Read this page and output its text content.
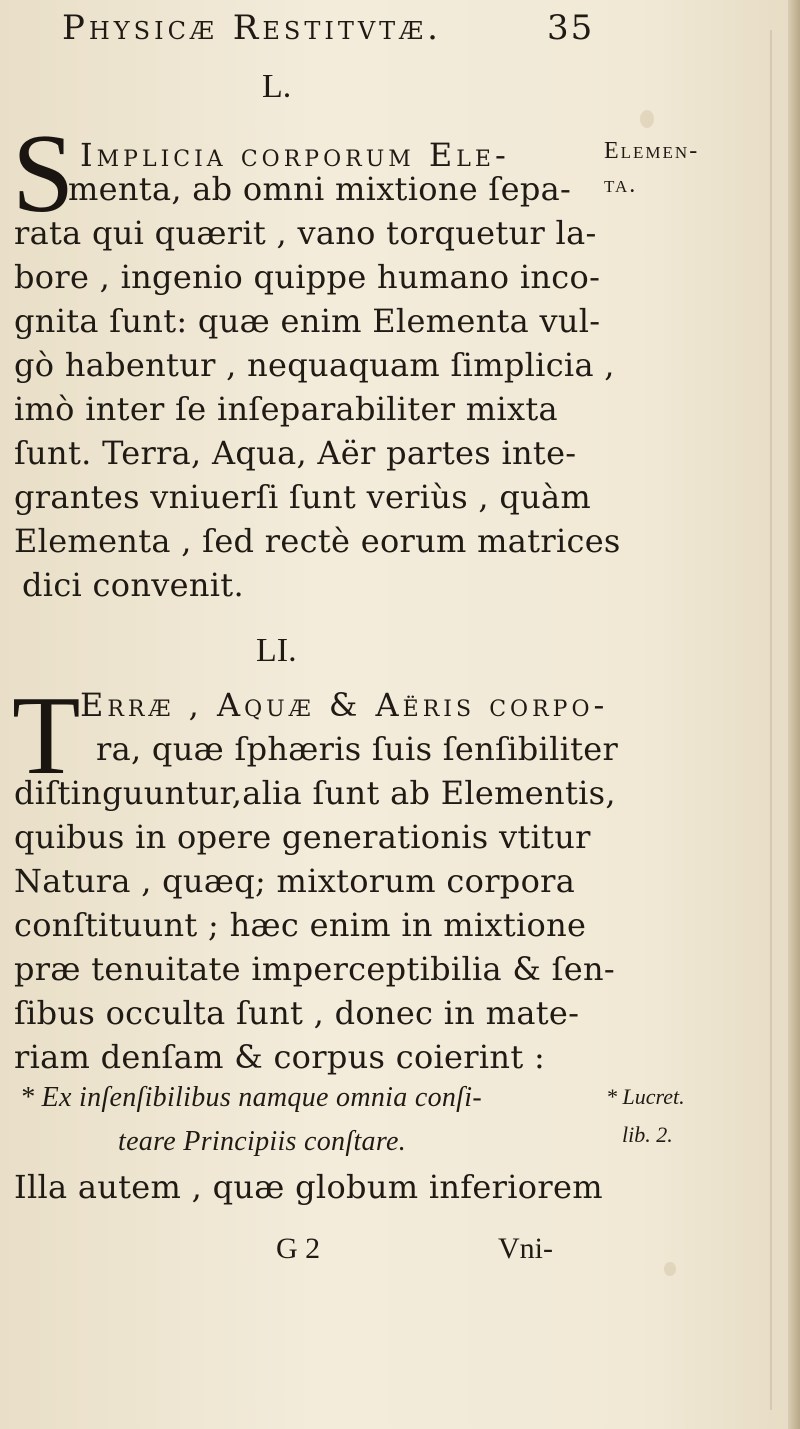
Physicæ Restitvtæ.	35
L.
S Implicia corporum Ele-
menta, ab omni mixtione ſepa-
rata qui quærit , vano torquetur la-
bore , ingenio quippe humano inco-
gnita ſunt: quæ enim Elementa vul-
gò habentur , nequaquam ſimplicia ,
imò inter ſe inſeparabiliter mixta
ſunt. Terra, Aqua, Aër partes inte-
grantes vniuerſi ſunt veriùs , quàm
Elementa , ſed rectè eorum matrices
dici convenit.
Elemen-
ta.
LI.
T Erræ , Aquæ & Aëris corpo-
ra, quæ ſphæris ſuis ſenſibiliter
diſtinguuntur,alia ſunt ab Elementis,
quibus in opere generationis vtitur
Natura , quæq; mixtorum corpora
conſtituunt ; hæc enim in mixtione
præ tenuitate imperceptibilia & ſen-
ſibus occulta ſunt , donec in mate-
riam denſam & corpus coierint :
* Ex inſenſibilibus namque omnia conſi-
teare Principiis conſtare.
Illa autem , quæ globum inferiorem
* Lucret.
lib. 2.
G 2	Vni-
